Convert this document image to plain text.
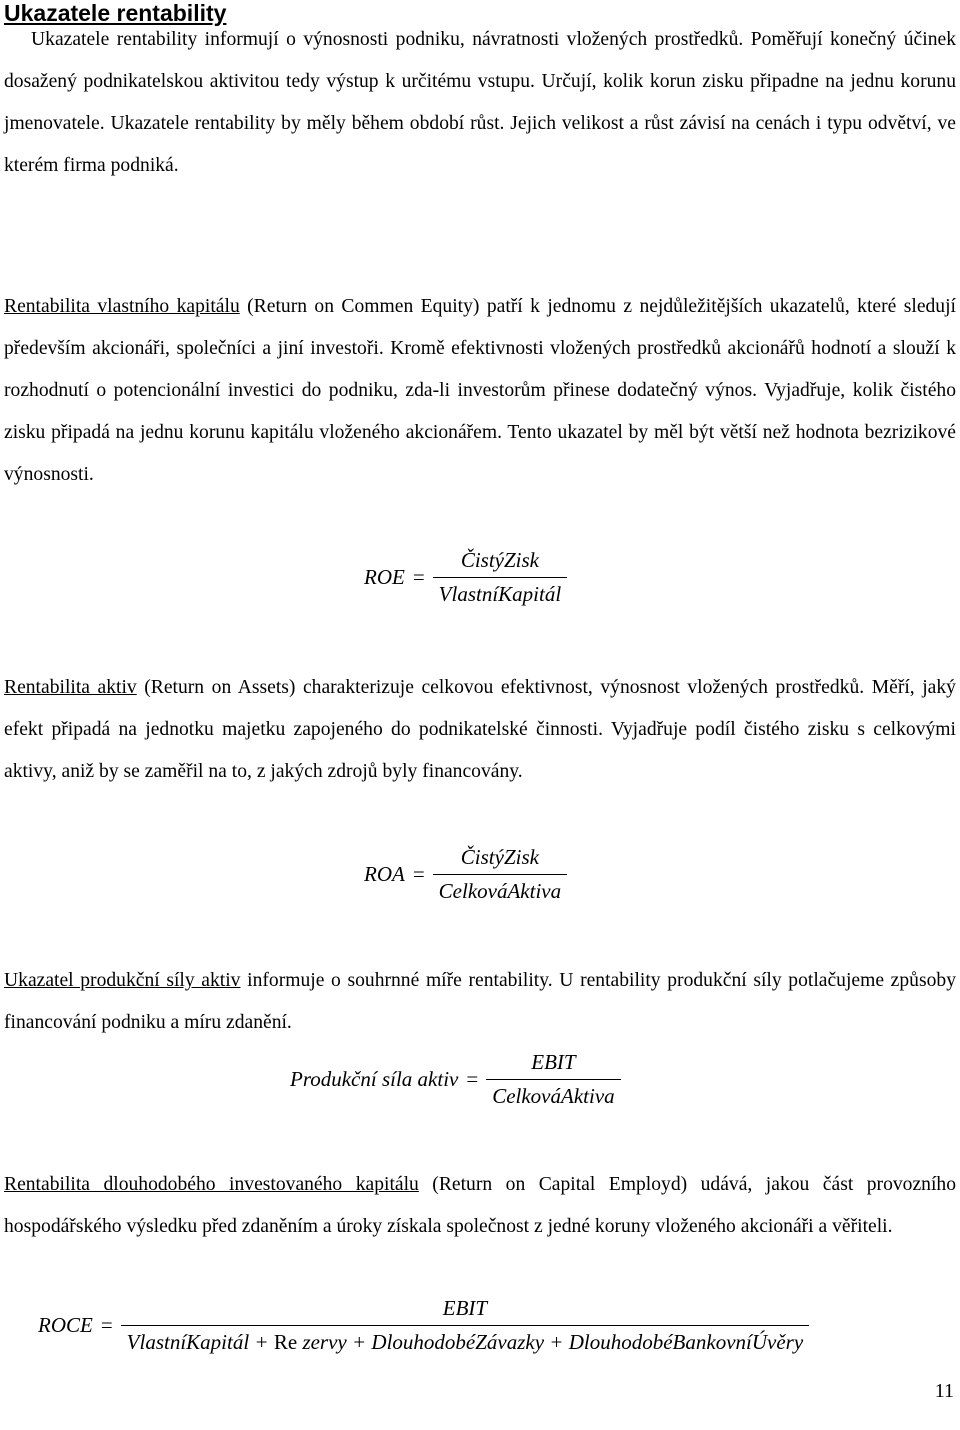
Ukazatele rentability

Ukazatele rentability informují o výnosnosti podniku, návratnosti vložených prostředků. Poměřují konečný účinek dosažený podnikatelskou aktivitou tedy výstup k určitému vstupu. Určují, kolik korun zisku připadne na jednu korunu jmenovatele. Ukazatele rentability by měly během období růst. Jejich velikost a růst závisí na cenách i typu odvětví, ve kterém firma podniká.

Rentabilita vlastního kapitálu (Return on Commen Equity) patří k jednomu z nejdůležitějších ukazatelů, které sledují především akcionáři, společníci a jiní investoři. Kromě efektivnosti vložených prostředků akcionářů hodnotí a slouží k rozhodnutí o potencionální investici do podniku, zda-li investorům přinese dodatečný výnos. Vyjadřuje, kolik čistého zisku připadá na jednu korunu kapitálu vloženého akcionářem. Tento ukazatel by měl být větší než hodnota bezrizikové výnosnosti.

ROE = $\frac{\text{ČistýZisk}}{\text{VlastníKapitál}}$

Rentabilita aktiv (Return on Assets) charakterizuje celkovou efektivnost, výnosnost vložených prostředků. Měří, jaký efekt připadá na jednotku majetku zapojeného do podnikatelské činnosti. Vyjadřuje podíl čistého zisku s celkovými aktivy, aniž by se zaměřil na to, z jakých zdrojů byly financovány.

ROA = $\frac{\text{ČistýZisk}}{\text{CelkováAktiva}}$

Ukazatel produkční síly aktiv informuje o souhrnné míře rentability. U rentability produkční síly potlačujeme způsoby financování podniku a míru zdanění.

Produkční síla aktiv = $\frac{\text{EBIT}}{\text{CelkováAktiva}}$

Rentabilita dlouhodobého investovaného kapitálu (Return on Capital Employd) udává, jakou část provozního hospodářského výsledku před zdaněním a úroky získala společnost z jedné koruny vloženého akcionáři a věřiteli.

ROCE =
EBIT
VlastníKapitál + Re zervy + DlouhodobéZávazky + DlouhodobéBankovníÚvěry
11
